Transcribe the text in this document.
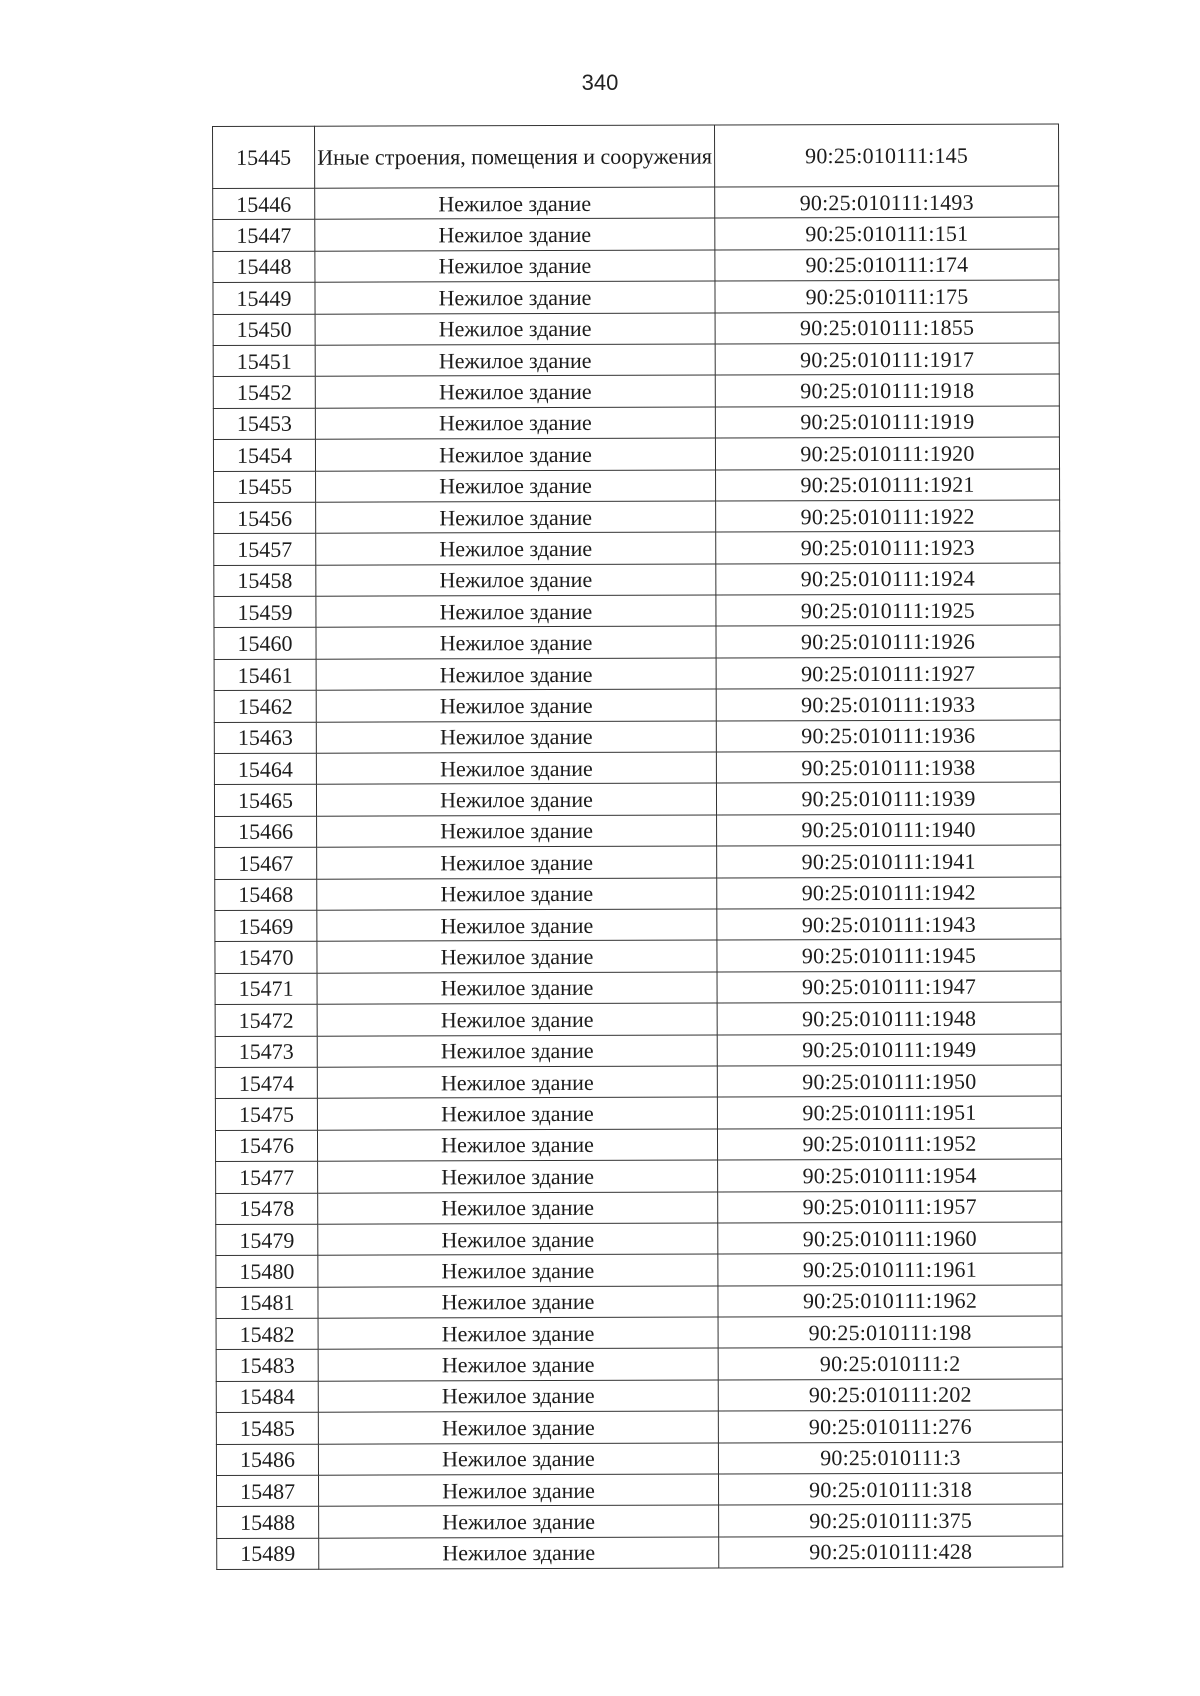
340
15445	Иные строения, помещения и сооружения	90:25:010111:145
15446	Нежилое здание	90:25:010111:1493
15447	Нежилое здание	90:25:010111:151
15448	Нежилое здание	90:25:010111:174
15449	Нежилое здание	90:25:010111:175
15450	Нежилое здание	90:25:010111:1855
15451	Нежилое здание	90:25:010111:1917
15452	Нежилое здание	90:25:010111:1918
15453	Нежилое здание	90:25:010111:1919
15454	Нежилое здание	90:25:010111:1920
15455	Нежилое здание	90:25:010111:1921
15456	Нежилое здание	90:25:010111:1922
15457	Нежилое здание	90:25:010111:1923
15458	Нежилое здание	90:25:010111:1924
15459	Нежилое здание	90:25:010111:1925
15460	Нежилое здание	90:25:010111:1926
15461	Нежилое здание	90:25:010111:1927
15462	Нежилое здание	90:25:010111:1933
15463	Нежилое здание	90:25:010111:1936
15464	Нежилое здание	90:25:010111:1938
15465	Нежилое здание	90:25:010111:1939
15466	Нежилое здание	90:25:010111:1940
15467	Нежилое здание	90:25:010111:1941
15468	Нежилое здание	90:25:010111:1942
15469	Нежилое здание	90:25:010111:1943
15470	Нежилое здание	90:25:010111:1945
15471	Нежилое здание	90:25:010111:1947
15472	Нежилое здание	90:25:010111:1948
15473	Нежилое здание	90:25:010111:1949
15474	Нежилое здание	90:25:010111:1950
15475	Нежилое здание	90:25:010111:1951
15476	Нежилое здание	90:25:010111:1952
15477	Нежилое здание	90:25:010111:1954
15478	Нежилое здание	90:25:010111:1957
15479	Нежилое здание	90:25:010111:1960
15480	Нежилое здание	90:25:010111:1961
15481	Нежилое здание	90:25:010111:1962
15482	Нежилое здание	90:25:010111:198
15483	Нежилое здание	90:25:010111:2
15484	Нежилое здание	90:25:010111:202
15485	Нежилое здание	90:25:010111:276
15486	Нежилое здание	90:25:010111:3
15487	Нежилое здание	90:25:010111:318
15488	Нежилое здание	90:25:010111:375
15489	Нежилое здание	90:25:010111:428
